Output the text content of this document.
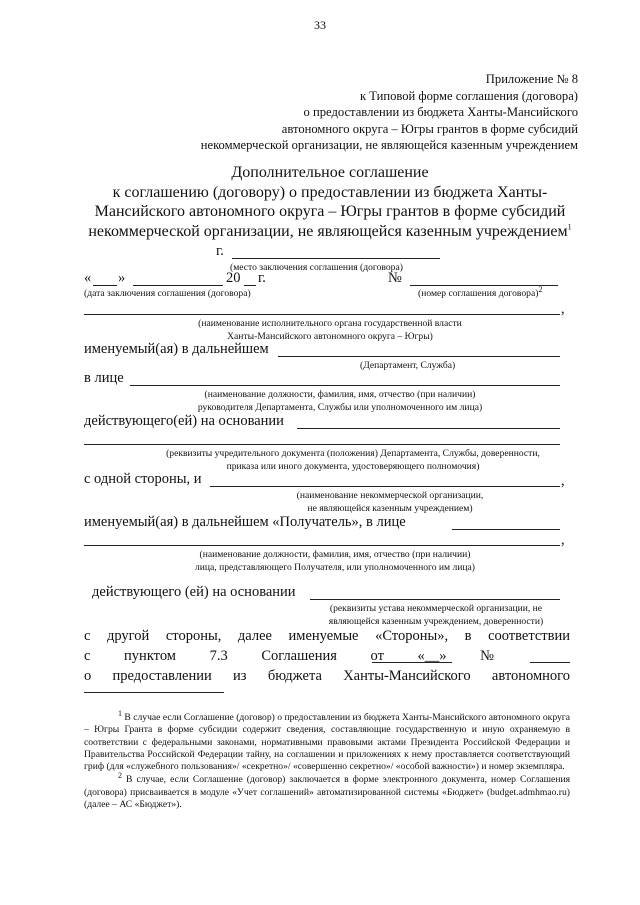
33
Приложение № 8
к Типовой форме соглашения (договора)
о предоставлении из бюджета Ханты-Мансийского
автономного округа – Югры грантов в форме субсидий
некоммерческой организации, не являющейся казенным учреждением
Дополнительное соглашение
к соглашению (договору) о предоставлении из бюджета Ханты-
Мансийского автономного округа – Югры грантов в форме субсидий
некоммерческой организации, не являющейся казенным учреждением$^1$
г.
(место заключения соглашения (договора)
« »	20 г.	№
(дата заключения соглашения (договора)	(номер соглашения договора)$^2$
,
(наименование исполнительного органа государственной власти
Ханты-Мансийского автономного округа – Югры)
именуемый(ая) в дальнейшем
(Департамент, Служба)
в лице
(наименование должности, фамилия, имя, отчество (при наличии)
руководителя Департамента, Службы или уполномоченного им лица)
действующего(ей) на основании
(реквизиты учредительного документа (положения) Департамента, Службы, доверенности,
приказа или иного документа, удостоверяющего полномочия)
с одной стороны, и	,
(наименование некоммерческой организации,
не являющейся казенным учреждением)
именуемый(ая) в дальнейшем «Получатель», в лице
,
(наименование должности, фамилия, имя, отчество (при наличии)
лица, представляющего Получателя, или уполномоченного им лица)
действующего (ей) на основании
(реквизиты устава некоммерческой организации, не
являющейся казенным учреждением, доверенности)
с другой стороны, далее именуемые «Стороны», в соответствии
с пунктом 7.3 Соглашения от «__» №
о предоставлении из бюджета Ханты-Мансийского автономного

$^1$ В случае если Соглашение (договор) о предоставлении из бюджета Ханты-Мансийского автономного округа – Югры Гранта в форме субсидии содержит сведения, составляющие государственную и иную охраняемую в соответствии с федеральными законами, нормативными правовыми актами Президента Российской Федерации и Правительства Российской Федерации тайну, на соглашении и приложениях к нему проставляется соответствующий гриф (для «служебного пользования»/ «секретно»/ «совершенно секретно»/ «особой важности») и номер экземпляра.

$^2$ В случае, если Соглашение (договор) заключается в форме электронного документа, номер Соглашения (договора) присваивается в модуле «Учет соглашений» автоматизированной системы «Бюджет» (budget.admhmao.ru) (далее – АС «Бюджет»).
